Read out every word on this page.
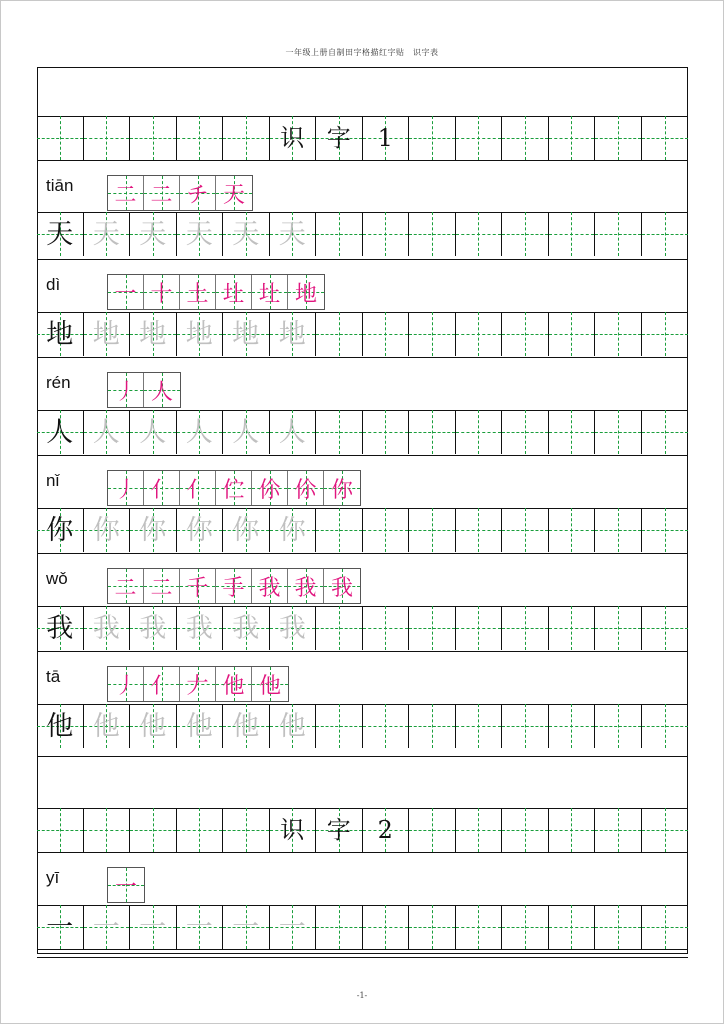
一年级上册自制田字格描红字贴　识字表
识 字	1
tiān 二 二 チ 天
天 天 天 天 天 天
dì 一 十 土 圵 圵 地
地 地 地 地 地 地
rén 丿 人
人 人 人 人 人 人
nǐ	丿 亻 亻 伫 伱 伱 你
你 你 你 你 你 你
wǒ 二 二 千 手 我 我 我
我 我 我 我 我 我
tā 丿 亻 𠂇 他 他
他 他 他 他 他 他
识 字	2
yī	一
一 一 一 一 一 一
-1-
